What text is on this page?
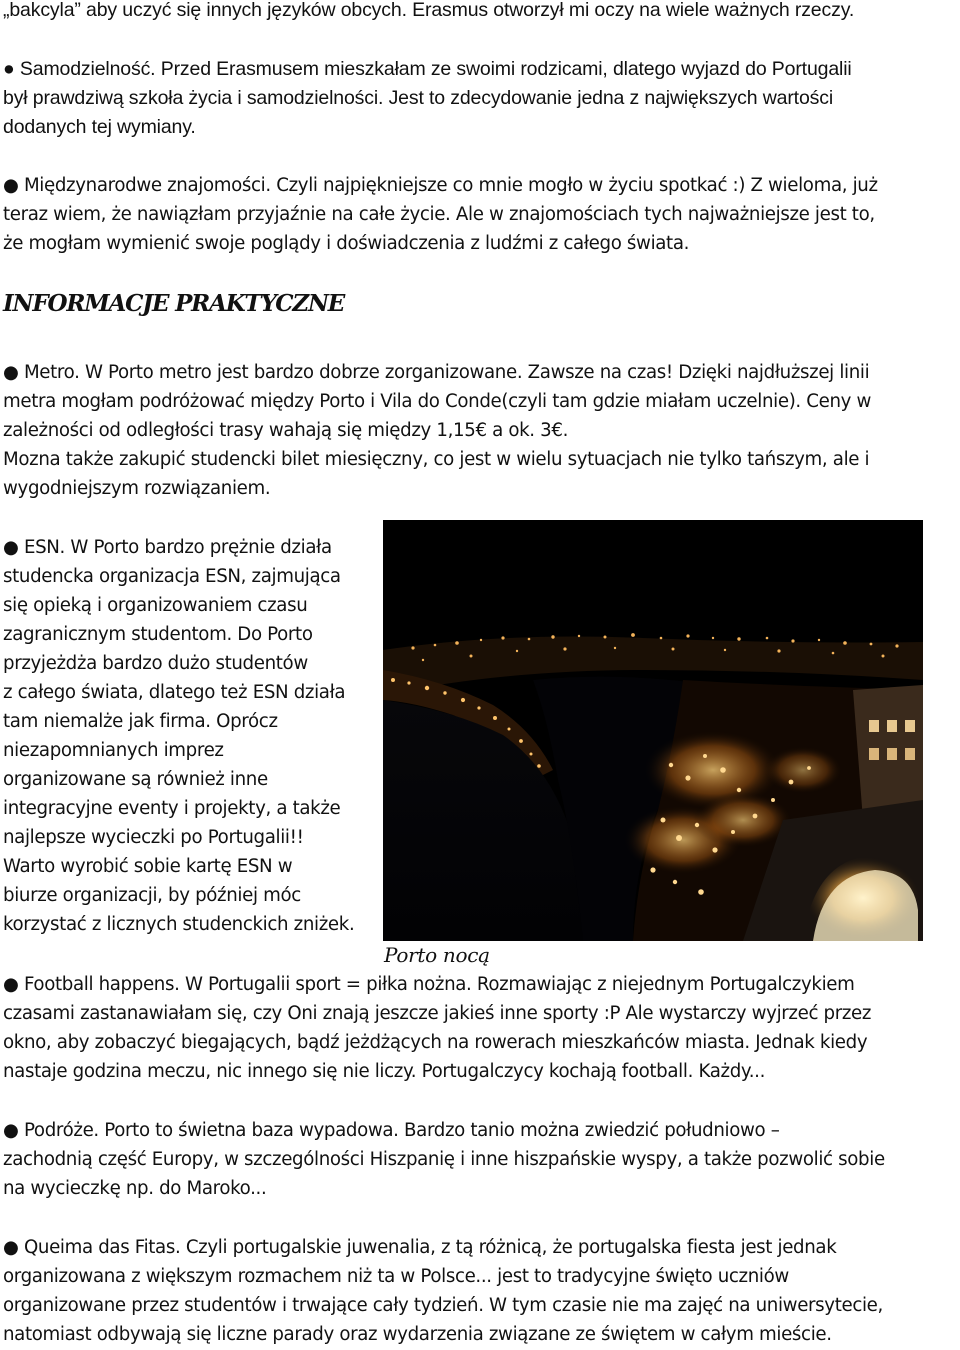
„bakcyla” aby uczyć się innych języków obcych. Erasmus otworzył mi oczy na wiele ważnych rzeczy.

● Samodzielność. Przed Erasmusem mieszkałam ze swoimi rodzicami, dlatego wyjazd do Portugalii
był prawdziwą szkoła życia i samodzielności. Jest to zdecydowanie jedna z największych wartości
dodanych tej wymiany.

● Międzynarodwe znajomości. Czyli najpiękniejsze co mnie mogło w życiu spotkać :) Z wieloma, już
teraz wiem, że nawiązłam przyjaźnie na całe życie. Ale w znajomościach tych najważniejsze jest to,
że mogłam wymienić swoje poglądy i doświadczenia z ludźmi z całego świata.

INFORMACJE PRAKTYCZNE

● Metro. W Porto metro jest bardzo dobrze zorganizowane. Zawsze na czas! Dzięki najdłuższej linii
metra mogłam podróżować między Porto i Vila do Conde(czyli tam gdzie miałam uczelnie). Ceny w
zależności od odległości trasy wahają się między 1,15€ a ok. 3€.
Mozna także zakupić studencki bilet miesięczny, co jest w wielu sytuacjach nie tylko tańszym, ale i
wygodniejszym rozwiązaniem.

● ESN. W Porto bardzo prężnie działa
studencka organizacja ESN, zajmująca
się opieką i organizowaniem czasu
zagranicznym studentom. Do Porto
przyjeżdża bardzo dużo studentów
z całego świata, dlatego też ESN działa
tam niemalże jak firma. Oprócz
niezapomnianych imprez
organizowane są również inne
integracyjne eventy i projekty, a także
najlepsze wycieczki po Portugalii!!
Warto wyrobić sobie kartę ESN w
biurze organizacji, by później móc
korzystać z licznych studenckich zniżek.

Porto nocą

● Football happens. W Portugalii sport = piłka nożna. Rozmawiając z niejednym Portugalczykiem
czasami zastanawiałam się, czy Oni znają jeszcze jakieś inne sporty :P Ale wystarczy wyjrzeć przez
okno, aby zobaczyć biegających, bądź jeżdżących na rowerach mieszkańców miasta. Jednak kiedy
nastaje godzina meczu, nic innego się nie liczy. Portugalczycy kochają football. Każdy...

● Podróże. Porto to świetna baza wypadowa. Bardzo tanio można zwiedzić południowo –
zachodnią część Europy, w szczególności Hiszpanię i inne hiszpańskie wyspy, a także pozwolić sobie
na wycieczkę np. do Maroko...

● Queima das Fitas. Czyli portugalskie juwenalia, z tą różnicą, że portugalska fiesta jest jednak
organizowana z większym rozmachem niż ta w Polsce... jest to tradycyjne święto uczniów
organizowane przez studentów i trwające cały tydzień. W tym czasie nie ma zajęć na uniwersytecie,
natomiast odbywają się liczne parady oraz wydarzenia związane ze świętem w całym mieście.
